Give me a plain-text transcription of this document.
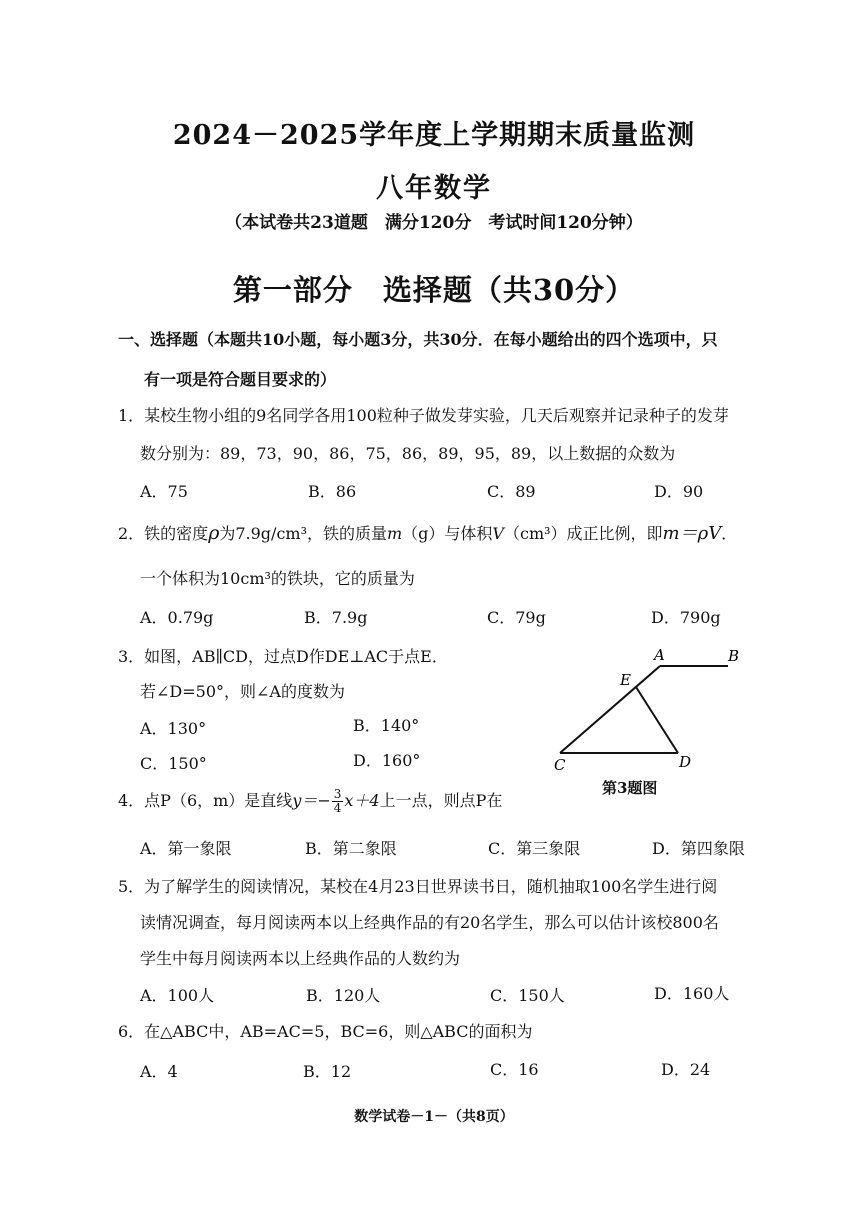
2024－2025学年度上学期期末质量监测
八年数学
（本试卷共23道题　满分120分　考试时间120分钟）
第一部分　选择题（共30分）
一、选择题（本题共10小题，每小题3分，共30分．在每小题给出的四个选项中，只
有一项是符合题目要求的）
1．某校生物小组的9名同学各用100粒种子做发芽实验，几天后观察并记录种子的发芽
数分别为：89，73，90，86，75，86，89，95，89，以上数据的众数为
A．75	B．86	C．89	D．90
2．铁的密度ρ为7.9g/cm³，铁的质量m（g）与体积V（cm³）成正比例，即m＝ρV．
一个体积为10cm³的铁块，它的质量为
A．0.79g	B．7.9g	C．79g	D．790g
3．如图，AB∥CD，过点D作DE⊥AC于点E．
若∠D=50°，则∠A的度数为
A．130°	B．140°
C．150°	D．160°
A	B
E
C	D
第3题图
4．点P（6，m）是直线$y=- \frac{3}{4} x+4$上一点，则点P在
A．第一象限	B．第二象限	C．第三象限	D．第四象限
5．为了解学生的阅读情况，某校在4月23日世界读书日，随机抽取100名学生进行阅
读情况调查，每月阅读两本以上经典作品的有20名学生，那么可以估计该校800名
学生中每月阅读两本以上经典作品的人数约为
A．100人	B．120人	C．150人	D．160人
6．在△ABC中，AB=AC=5，BC=6，则△ABC的面积为
A．4	B．12	C．16	D．24
数学试卷－1－（共8页）
